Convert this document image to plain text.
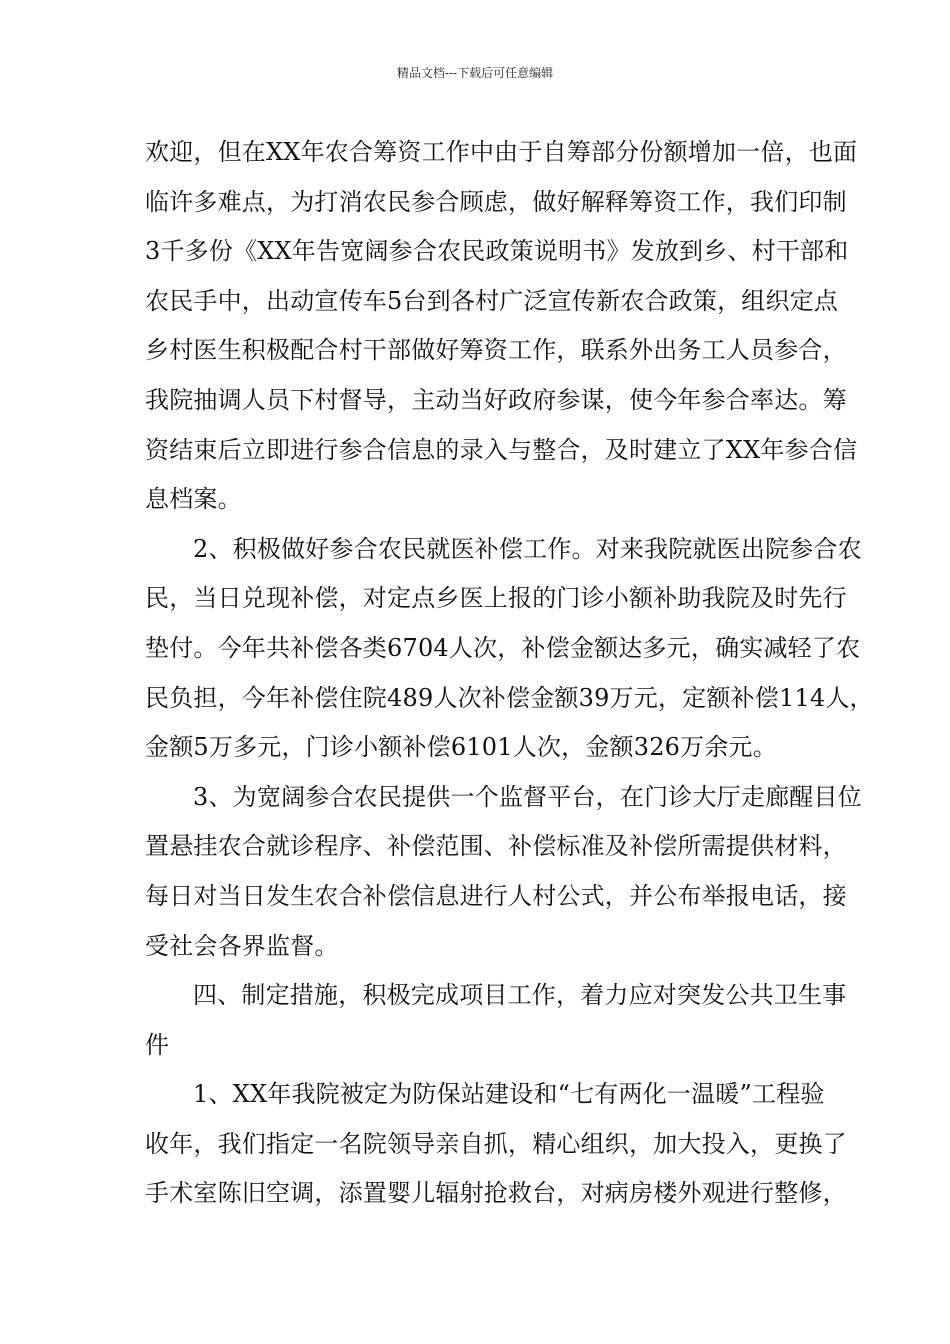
精品文档---下载后可任意编辑
欢迎，但在XX年农合筹资工作中由于自筹部分份额增加一倍，也面
临许多难点，为打消农民参合顾虑，做好解释筹资工作，我们印制
3千多份《XX年告宽阔参合农民政策说明书》发放到乡、村干部和
农民手中，出动宣传车5台到各村广泛宣传新农合政策，组织定点
乡村医生积极配合村干部做好筹资工作，联系外出务工人员参合，
我院抽调人员下村督导，主动当好政府参谋，使今年参合率达。筹
资结束后立即进行参合信息的录入与整合，及时建立了XX年参合信
息档案。
2、积极做好参合农民就医补偿工作。对来我院就医出院参合农
民，当日兑现补偿，对定点乡医上报的门诊小额补助我院及时先行
垫付。今年共补偿各类6704人次，补偿金额达多元，确实减轻了农
民负担，今年补偿住院489人次补偿金额39万元，定额补偿114人，
金额5万多元，门诊小额补偿6101人次，金额326万余元。
3、为宽阔参合农民提供一个监督平台，在门诊大厅走廊醒目位
置悬挂农合就诊程序、补偿范围、补偿标准及补偿所需提供材料，
每日对当日发生农合补偿信息进行人村公式，并公布举报电话，接
受社会各界监督。
四、制定措施，积极完成项目工作，着力应对突发公共卫生事
件
1、XX年我院被定为防保站建设和“七有两化一温暖”工程验
收年，我们指定一名院领导亲自抓，精心组织，加大投入，更换了
手术室陈旧空调，添置婴儿辐射抢救台，对病房楼外观进行整修，
